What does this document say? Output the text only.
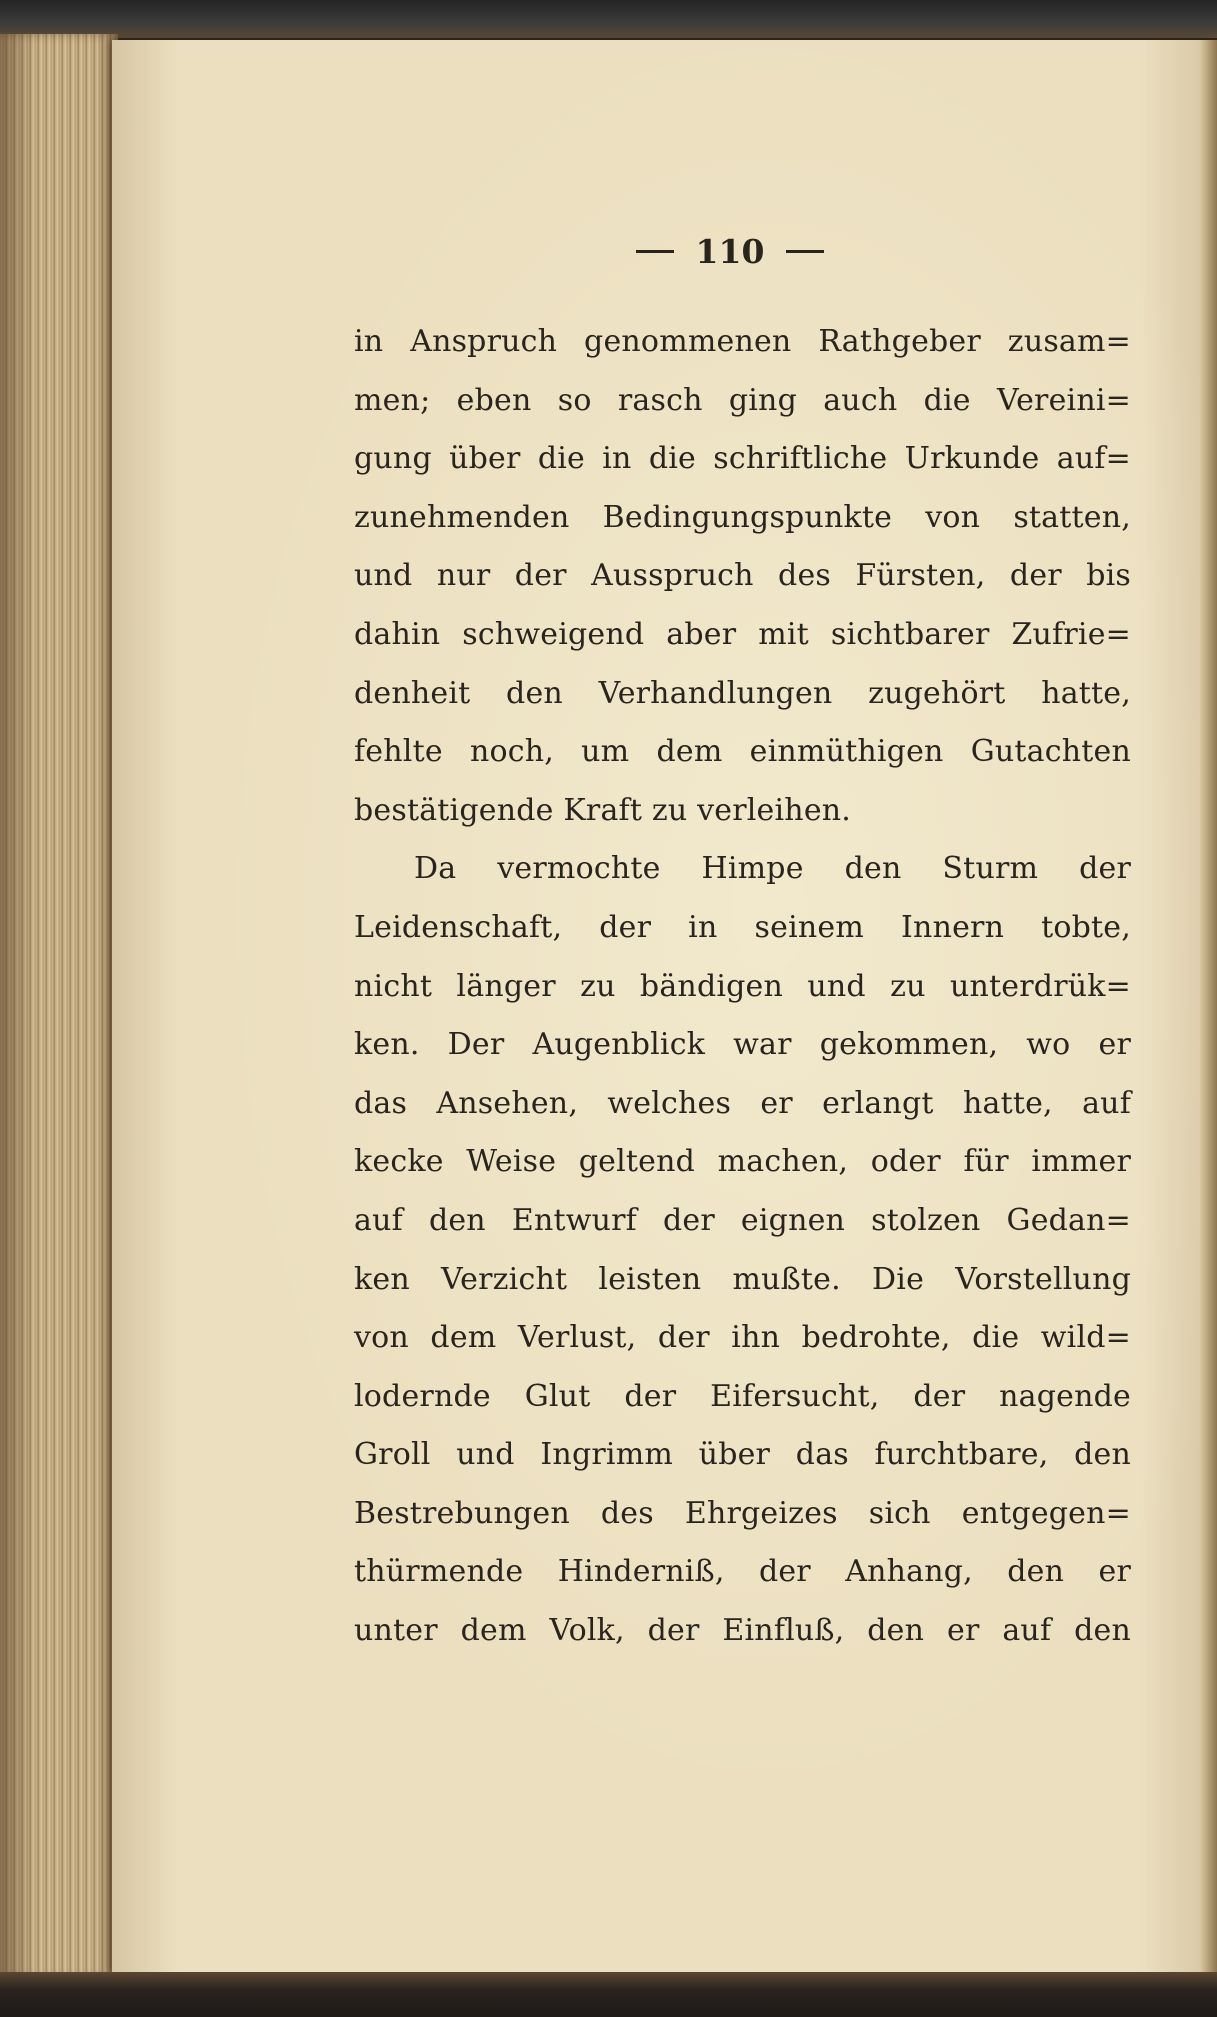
110
in Anspruch genommenen Rathgeber zusam=
men; eben so rasch ging auch die Vereini=
gung über die in die schriftliche Urkunde auf=
zunehmenden Bedingungspunkte von statten,
und nur der Ausspruch des Fürsten, der bis
dahin schweigend aber mit sichtbarer Zufrie=
denheit den Verhandlungen zugehört hatte,
fehlte noch, um dem einmüthigen Gutachten
bestätigende Kraft zu verleihen.
Da vermochte Himpe den Sturm der
Leidenschaft, der in seinem Innern tobte,
nicht länger zu bändigen und zu unterdrük=
ken. Der Augenblick war gekommen, wo er
das Ansehen, welches er erlangt hatte, auf
kecke Weise geltend machen, oder für immer
auf den Entwurf der eignen stolzen Gedan=
ken Verzicht leisten mußte. Die Vorstellung
von dem Verlust, der ihn bedrohte, die wild=
lodernde Glut der Eifersucht, der nagende
Groll und Ingrimm über das furchtbare, den
Bestrebungen des Ehrgeizes sich entgegen=
thürmende Hinderniß, der Anhang, den er
unter dem Volk, der Einfluß, den er auf den
